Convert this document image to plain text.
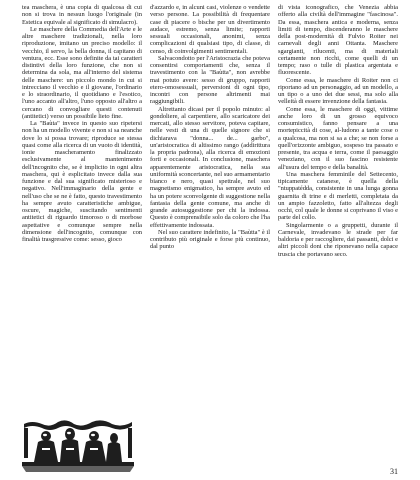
tea maschera, è una copia di qualcosa di cui non si trova in nessun luogo l'originale (in Estetica equivale al significato di simulacro).

Le maschere della Commedia dell'Arte e le altre maschere tradizionali, nella loro riproduzione, imitano un preciso modello: il vecchio, il servo, la bella donna, il capitano di ventura, ecc. Esse sono definite da tai caratteri distintivi della loro funzione, che non si determina da sola, ma all'interno del sistema delle maschere: un piccolo mondo in cui si intrecciano il vecchio e il giovane, l'ordinario e lo straordinario, il quotidiano e l'esotico, l'uno accanto all'altro, l'uno opposto all'altro a cercano di convogliare questi contenuti (antitetici) verso un possibile lieto fine.

La "Baùta" invece in questo suo ripetersi non ha un modello vivente e non si sa neanche dove lo si possa trovare; riproduce se stessa quasi come alla ricerca di un vuoto di identità, ionie mascheramento finalizzato esclusivamente al mantenimento dell'incognito che, se è implicito in ogni altra maschera, qui è esplicitato invece dalla sua funzione e dal sua significato misterioso e negativo. Nell'immaginario della gente e nell'uso che se ne è fatto, questo travestimento ha sempre avuto caratteristiche ambigue, oscure, magiche, suscitando sentimenti antitetici di riguardo timoroso o di morbose aspettative e comunque sempre nella dimensione dell'incognito, comunque con finalità trasgressive come: sesso, gioco

d'azzardo e, in alcuni casi, violenze o vendette verso persone. La possibilità di frequentare case di piacere o bische per un divertimento audace, estremo, senza limite; rapporti sessuali occasionali, anonimi, senza complicazioni di qualsiasi tipo, di classe, di censo, di coinvolgimenti sentimentali.

Salvacondotto per l'Aristocrazia che poteva consentirsi comportamenti che, senza il travestimento con la "Baùtta", non avrebbe mai potuto avere: sesso di gruppo, rapporti etero-omosessuali, perversioni di ogni tipo, incontri con persone altrimenti mai raggiungibili.

Altrettanto dicasi per il popolo minuto: al gondoliere, al carpentiere, allo scaricatore dei mercati, allo stesso servitore, poteva capitare, nelle vesti di una di quelle signore che si dichiarava "donna... de... garbo", un'aristocratica di altissimo rango (addirittura la propria padrona), alla ricerca di emozioni forti e occasionali. In conclusione, maschera apparentemente aristocratica, nella sua uniformità sconcertante, nel suo armamentario bianco e nero, quasi spettrale, nel suo magnetismo enigmatico, ha sempre avuto ed ha un potere sconvolgente di suggestione nella fantasia della gente comune, ma anche di grande autosuggestione per chi la indossa. Questo è comprensibile solo da coloro che l'ha effettivamente indossata.

Nel suo carattere indefinito, la "Baùtta" è il contributo più originale e forse più continuo, dal punto

di vista iconografico, che Venezia abbia offerto alla civiltà dell'immagine "fascinosa". Da essa, maschera antica e moderna, senza limiti di tempo, discenderanno le maschere della post-modernità di Fulvio Roiter nei carnevali degli anni Ottanta. Maschere sgargianti, rilucenti, ma di materiali certamente non ricchi, come quelli di un tempo; raso o tulle di plastica argentata e fluorescente.

Come essa, le maschere di Roiter non ci riportano ad un personaggio, ad un modello, a un tipo o a uno dei due sessi, ma solo alla velleità di essere invenzione della fantasia.

Come essa, le maschere di oggi, vittime anche loro di un grosso equivoco consumistico, fanno pensare a una mortepiccità di cose, al-ludono a tante cose o a qualcosa, ma non si sa a che; se non forse a quell'orizzonte ambiguo, sospeso tra passato e presente, tra acqua e terra, come il paesaggio veneziano, con il suo fascino resistente all'usura del tempo e della banalità.

Una maschera femminile del Settecento, tipicamente catanese, è quella della "ntuppatédda, consistente in una lunga gonna guarnita di trine e di merletti, completata da un ampio fazzoletto, fatto all'altezza degli occhi, col quale le donne si coprivano il viso e parte del collo.

Singolarmente o a gruppetti, durante il Carnevale, invadevano le strade per far baldoria e per raccogliere, dai passanti, dolci e altri piccoli doni che riponevano nella capace truscia che portavano seco.

31
